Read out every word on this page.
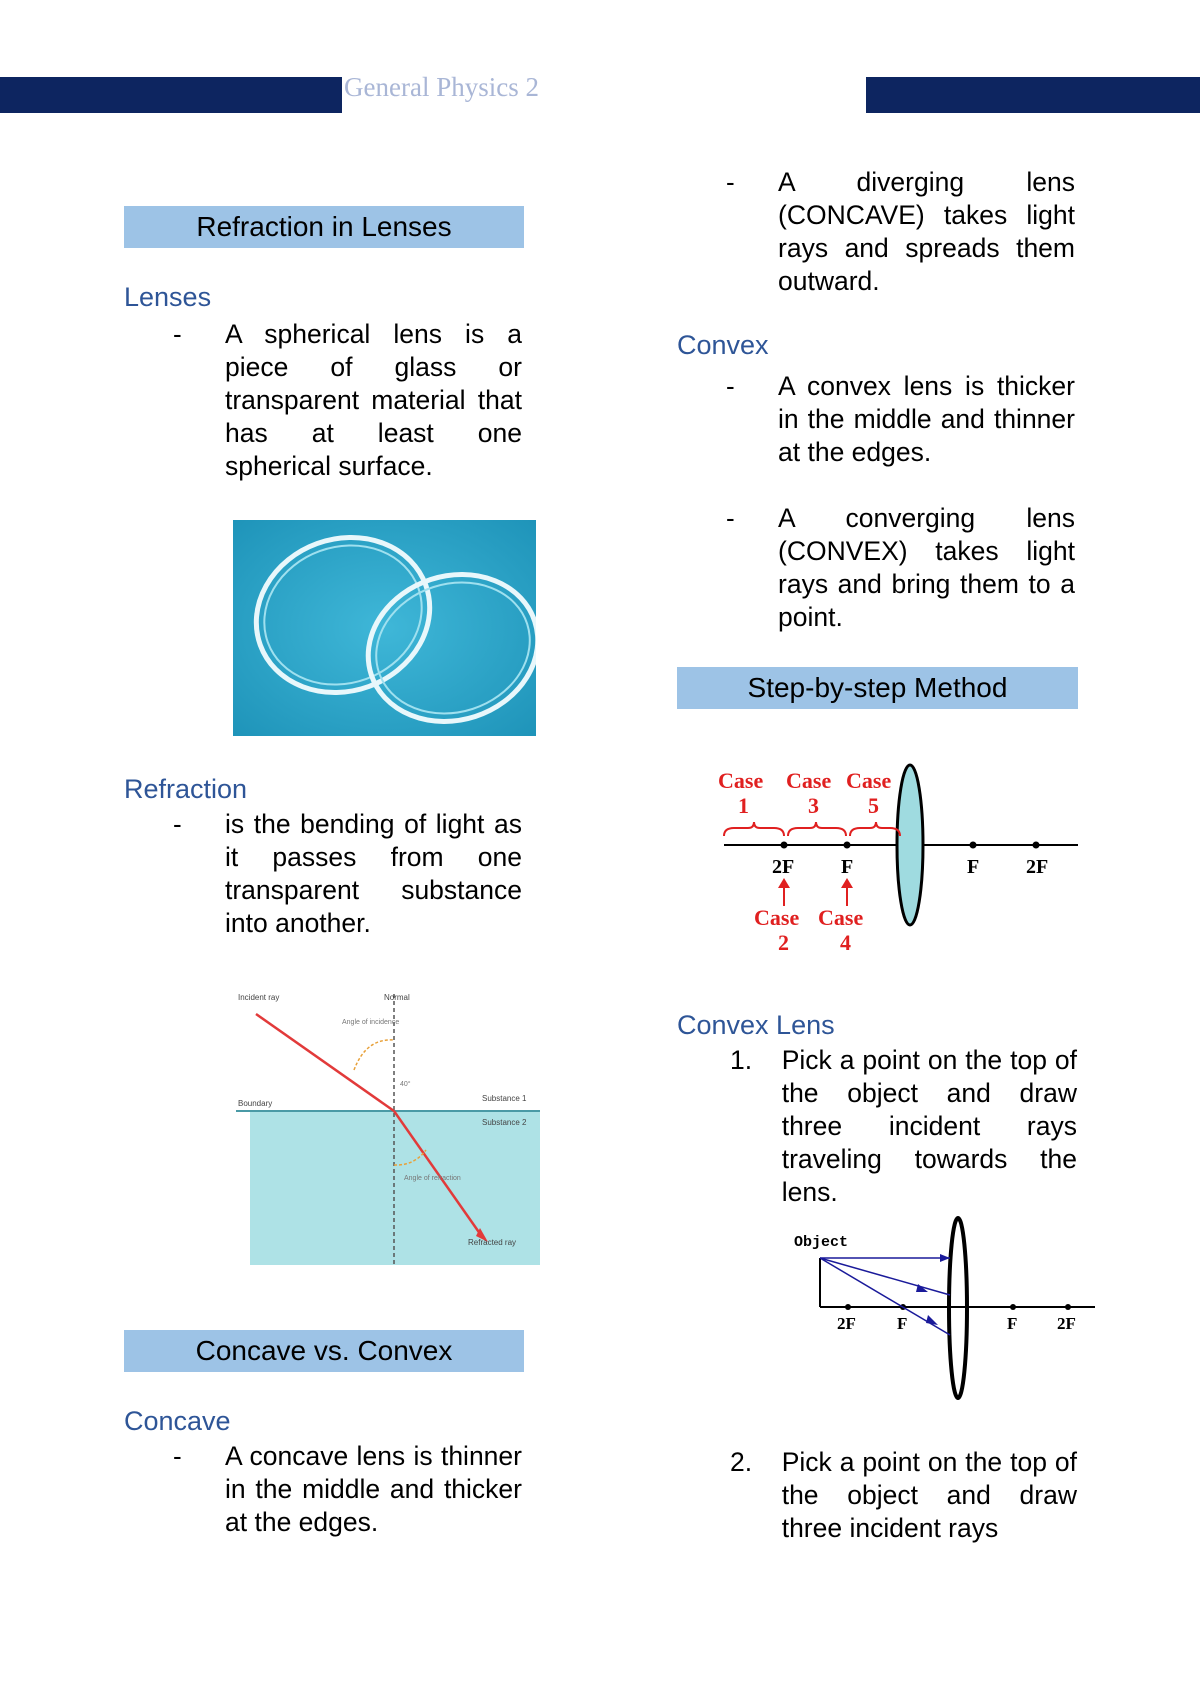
General Physics 2
Refraction in Lenses
Lenses
-	A spherical lens is a piece of glass or transparent material that has at least one spherical surface.
Refraction
-	is the bending of light as it passes from one transparent substance into another.
Incident ray	Normal
Angle of incidence
40°
Boundary
Substance 1
Substance 2
Angle of refraction
Refracted ray
Concave vs. Convex
Concave
-	A concave lens is thinner in the middle and thicker at the edges.
-	A diverging lens (CONCAVE) takes light rays and spreads them outward.
Convex
-	A convex lens is thicker in the middle and thinner at the edges.
-	A converging lens (CONVEX) takes light rays and bring them to a point.
Step-by-step Method
Case
1
Case
3
Case
5
2F F	F 2F
Case
2
Case
4
Convex Lens
1.	Pick a point on the top of the object and draw three incident rays traveling towards the lens.
Object
2F F	F 2F
2.	Pick a point on the top of the object and draw three incident rays
